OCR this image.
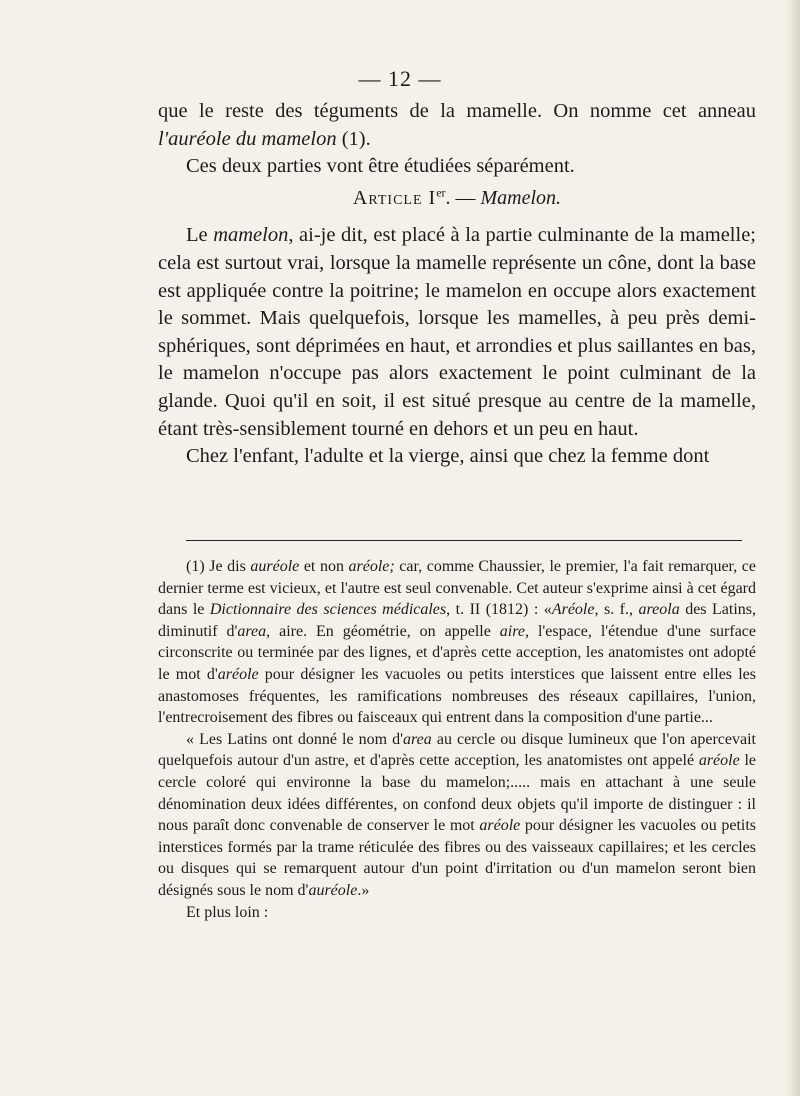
— 12 —

que le reste des téguments de la mamelle. On nomme cet anneau l'auréole du mamelon (1).

Ces deux parties vont être étudiées séparément.

Article Ier. — Mamelon.

Le mamelon, ai-je dit, est placé à la partie culminante de la mamelle; cela est surtout vrai, lorsque la mamelle représente un cône, dont la base est appliquée contre la poitrine; le mamelon en occupe alors exactement le sommet. Mais quelquefois, lorsque les mamelles, à peu près demi-sphériques, sont déprimées en haut, et arrondies et plus saillantes en bas, le mamelon n'occupe pas alors exactement le point culminant de la glande. Quoi qu'il en soit, il est situé presque au centre de la mamelle, étant très-sensiblement tourné en dehors et un peu en haut.

Chez l'enfant, l'adulte et la vierge, ainsi que chez la femme dont

(1) Je dis auréole et non aréole; car, comme Chaussier, le premier, l'a fait remarquer, ce dernier terme est vicieux, et l'autre est seul convenable. Cet auteur s'exprime ainsi à cet égard dans le Dictionnaire des sciences médicales, t. II (1812) : «Aréole, s. f., areola des Latins, diminutif d'area, aire. En géométrie, on appelle aire, l'espace, l'étendue d'une surface circonscrite ou terminée par des lignes, et d'après cette acception, les anatomistes ont adopté le mot d'aréole pour désigner les vacuoles ou petits interstices que laissent entre elles les anastomoses fréquentes, les ramifications nombreuses des réseaux capillaires, l'union, l'entrecroisement des fibres ou faisceaux qui entrent dans la composition d'une partie...

« Les Latins ont donné le nom d'area au cercle ou disque lumineux que l'on apercevait quelquefois autour d'un astre, et d'après cette acception, les anatomistes ont appelé aréole le cercle coloré qui environne la base du mamelon;..... mais en attachant à une seule dénomination deux idées différentes, on confond deux objets qu'il importe de distinguer : il nous paraît donc convenable de conserver le mot aréole pour désigner les vacuoles ou petits interstices formés par la trame réticulée des fibres ou des vaisseaux capillaires; et les cercles ou disques qui se remarquent autour d'un point d'irritation ou d'un mamelon seront bien désignés sous le nom d'auréole.»

Et plus loin :
